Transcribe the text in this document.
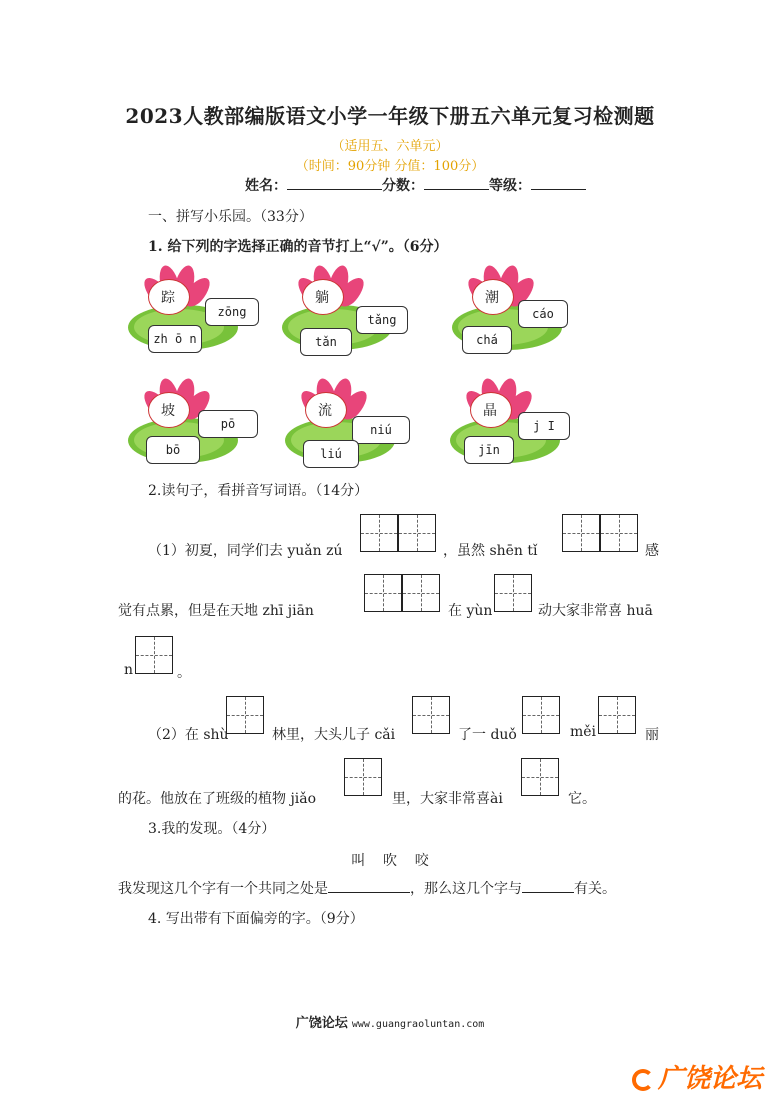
2023人教部编版语文小学一年级下册五六单元复习检测题
（适用五、六单元）
（时间：90分钟 分值：100分）
姓名：	分数：	等级：
一、拼写小乐园。（33分）
1. 给下列的字选择正确的音节打上“√”。（6分）
踪
zōng
zh ō n
躺
tǎng
tǎn
潮
cáo
chá
坡
pō
bō
流
niú
liú
晶
j I
jīn
2.读句子，看拼音写词语。（14分）
（1）初夏，同学们去 yuǎn zú	，虽然 shēn tǐ	感
觉有点累，但是在天地 zhī jiān	在 yùn	动大家非常喜 huā
n	。
（2）在 shù	林里，大头儿子 cǎi	了一 duǒ	měi	丽
的花。他放在了班级的植物 jiǎo	里，大家非常喜ài	它。
3.我的发现。（4分）
叫    吹    咬
我发现这几个字有一个共同之处是	，那么这几个字与	有关。
4. 写出带有下面偏旁的字。（9分）
广饶论坛 www.guangraoluntan.com
广饶论坛
